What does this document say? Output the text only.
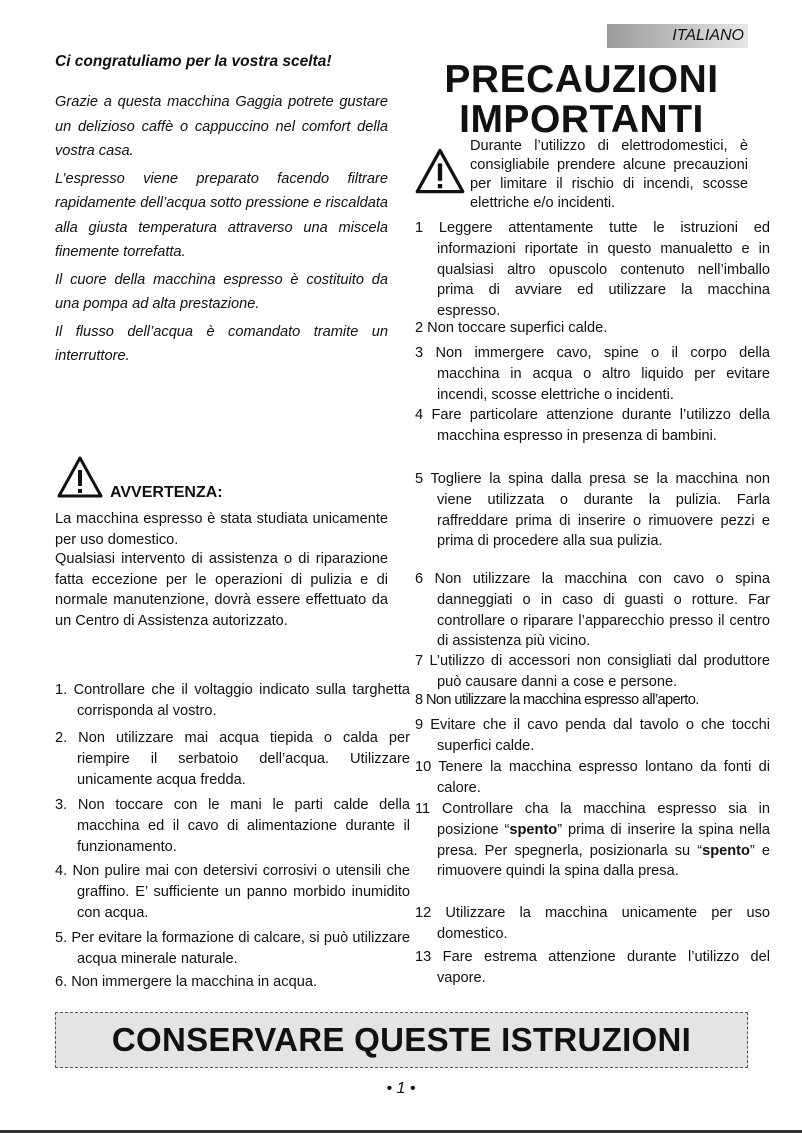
ITALIANO
Ci congratuliamo per la vostra scelta!

Grazie a questa macchina Gaggia potrete gustare un delizioso caffè o cappuccino nel comfort della vostra casa.

L’espresso viene preparato facendo filtrare rapidamente dell’acqua sotto pressione e riscaldata alla giusta temperatura attraverso una miscela finemente torrefatta.

Il cuore della macchina espresso è costituito da una pompa ad alta prestazione.

Il flusso dell’acqua è comandato tramite un interruttore.

AVVERTENZA:
La macchina espresso è stata studiata unicamente per uso domestico.
Qualsiasi intervento di assistenza o di riparazione fatta eccezione per le operazioni di pulizia e di normale manutenzione, dovrà essere effettuato da un Centro di Assistenza autorizzato.
1. Controllare che il voltaggio indicato sulla targhetta corrisponda al vostro.
2. Non utilizzare mai acqua tiepida o calda per riempire il serbatoio dell’acqua. Utilizzare unicamente acqua fredda.
3. Non toccare con le mani le parti calde della macchina ed il cavo di alimentazione durante il funzionamento.
4. Non pulire mai con detersivi corrosivi o utensili che graffino. E’ sufficiente un panno morbido inumidito con acqua.
5. Per evitare la formazione di calcare, si può utilizzare acqua minerale naturale.
6. Non immergere la macchina in acqua.
PRECAUZIONI
IMPORTANTI
Durante l’utilizzo di elettrodomestici, è consigliabile prendere alcune precauzioni per limitare il rischio di incendi, scosse elettriche e/o incidenti.
1 Leggere attentamente tutte le istruzioni ed informazioni riportate in questo manualetto e in qualsiasi altro opuscolo contenuto nell’imballo prima di avviare ed utilizzare la macchina espresso.
2 Non toccare superfici calde.
3 Non immergere cavo, spine o il corpo della macchina in acqua o altro liquido per evitare incendi, scosse elettriche o incidenti.
4 Fare particolare attenzione durante l’utilizzo della macchina espresso in presenza di bambini.
5 Togliere la spina dalla presa se la macchina non viene utilizzata o durante la pulizia. Farla raffreddare prima di inserire o rimuovere pezzi e prima di procedere alla sua pulizia.
6 Non utilizzare la macchina con cavo o spina danneggiati o in caso di guasti o rotture. Far controllare o riparare l’apparecchio presso il centro di assistenza più vicino.
7 L’utilizzo di accessori non consigliati dal produttore può causare danni a cose e persone.
8 Non utilizzare la macchina espresso all’aperto.
9 Evitare che il cavo penda dal tavolo o che tocchi superfici calde.
10 Tenere la macchina espresso lontano da fonti di calore.
11 Controllare cha la macchina espresso sia in posizione “spento” prima di inserire la spina nella presa. Per spegnerla, posizionarla su “spento” e rimuovere quindi la spina dalla presa.
12 Utilizzare la macchina unicamente per uso domestico.
13 Fare estrema attenzione durante l’utilizzo del vapore.
CONSERVARE QUESTE ISTRUZIONI
• 1 •
